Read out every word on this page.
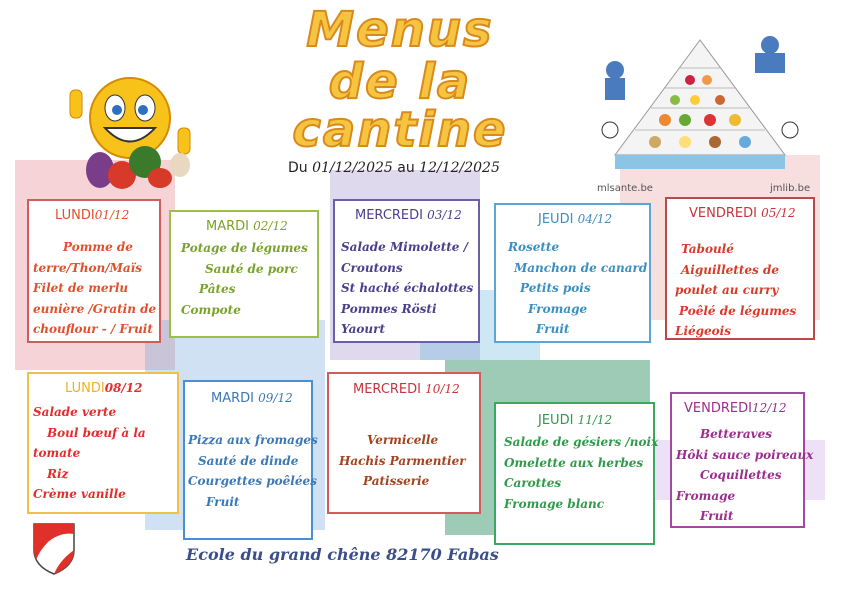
Menus
de la
cantine
mlsante.be	jmlib.be
Du 01/12/2025 au 12/12/2025
LUNDI01/12
Pomme de
terre/Thon/Maïs
Filet de merlu
eunière /Gratin de
chouflour - / Fruit
MARDI 02/12
Potage de légumes
Sauté de porc
Pâtes
Compote
MERCREDI 03/12
Salade Mimolette /
Croutons
St haché échalottes
Pommes Rösti
Yaourt
JEUDI 04/12
Rosette
Manchon de canard
Petits pois
Fromage
Fruit
VENDREDI 05/12
Taboulé
Aiguillettes de
poulet au curry
Poêlé de légumes
Liégeois
LUNDI08/12
Salade verte
Boul bœuf à la
tomate
Riz
Crème vanille
MARDI 09/12
Pizza aux fromages
Sauté de dinde
Courgettes poêlées
Fruit
MERCREDI 10/12
Vermicelle
Hachis Parmentier
Patisserie
JEUDI 11/12
Salade de gésiers /noix
Omelette aux herbes
Carottes
Fromage blanc
VENDREDI12/12
Betteraves
Hôki sauce poireaux
Coquillettes
Fromage
Fruit
Ecole du grand chêne 82170 Fabas
